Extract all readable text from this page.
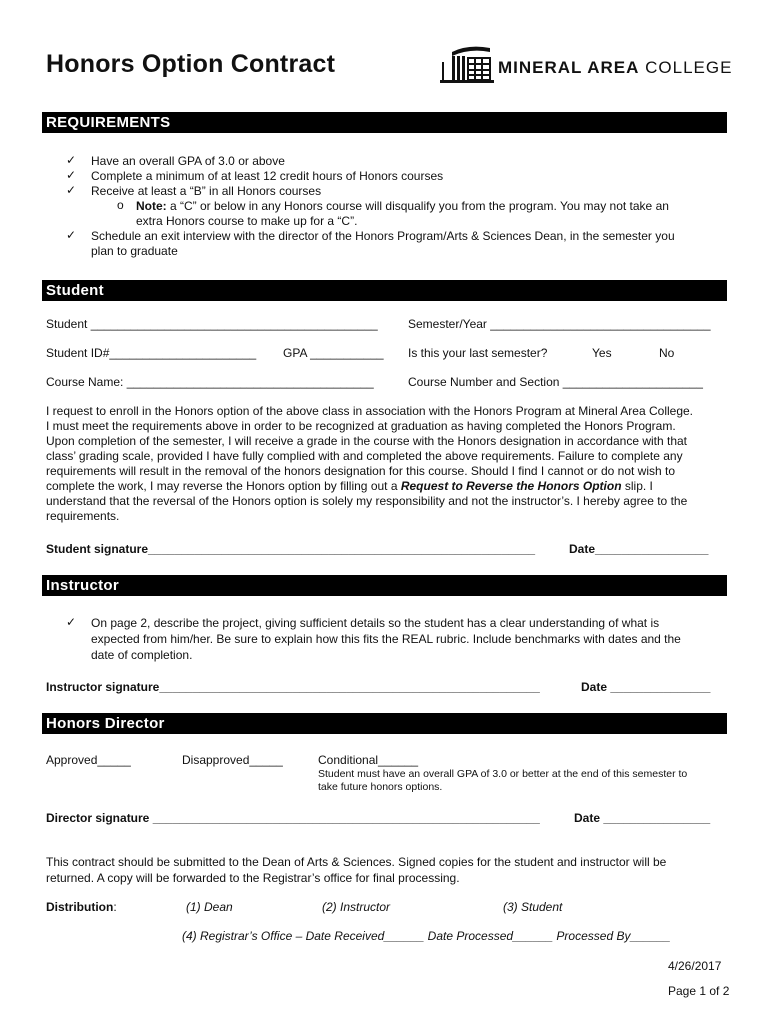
Honors Option Contract	MINERAL AREA COLLEGE
REQUIREMENTS
✓ Have an overall GPA of 3.0 or above
✓ Complete a minimum of at least 12 credit hours of Honors courses
✓ Receive at least a “B” in all Honors courses
o Note: a “C” or below in any Honors course will disqualify you from the program. You may not take an
extra Honors course to make up for a “C”.
✓ Schedule an exit interview with the director of the Honors Program/Arts & Sciences Dean, in the semester you
plan to graduate
Student
Student ___________________________________________	Semester/Year _________________________________
Student ID#______________________ GPA ___________ Is this your last semester?	Yes	No
Course Name: _____________________________________	Course Number and Section _____________________
I request to enroll in the Honors option of the above class in association with the Honors Program at Mineral Area College.
I must meet the requirements above in order to be recognized at graduation as having completed the Honors Program.
Upon completion of the semester, I will receive a grade in the course with the Honors designation in accordance with that
class’ grading scale, provided I have fully complied with and completed the above requirements. Failure to complete any
requirements will result in the removal of the honors designation for this course. Should I find I cannot or do not wish to
complete the work, I may reverse the Honors option by filling out a Request to Reverse the Honors Option slip. I
understand that the reversal of the Honors option is solely my responsibility and not the instructor’s. I hereby agree to the
requirements.
Student signature__________________________________________________________	Date_________________
Instructor
✓ On page 2, describe the project, giving sufficient details so the student has a clear understanding of what is
expected from him/her. Be sure to explain how this fits the REAL rubric. Include benchmarks with dates and the
date of completion.
Instructor signature_________________________________________________________	Date _______________
Honors Director
Approved_____	Disapproved_____	Conditional______
Student must have an overall GPA of 3.0 or better at the end of this semester to
take future honors options.
Director signature __________________________________________________________	Date ________________
This contract should be submitted to the Dean of Arts & Sciences. Signed copies for the student and instructor will be
returned. A copy will be forwarded to the Registrar’s office for final processing.
Distribution:	(1) Dean	(2) Instructor	(3) Student
(4) Registrar’s Office – Date Received______ Date Processed______ Processed By______
4/26/2017
Page 1 of 2
